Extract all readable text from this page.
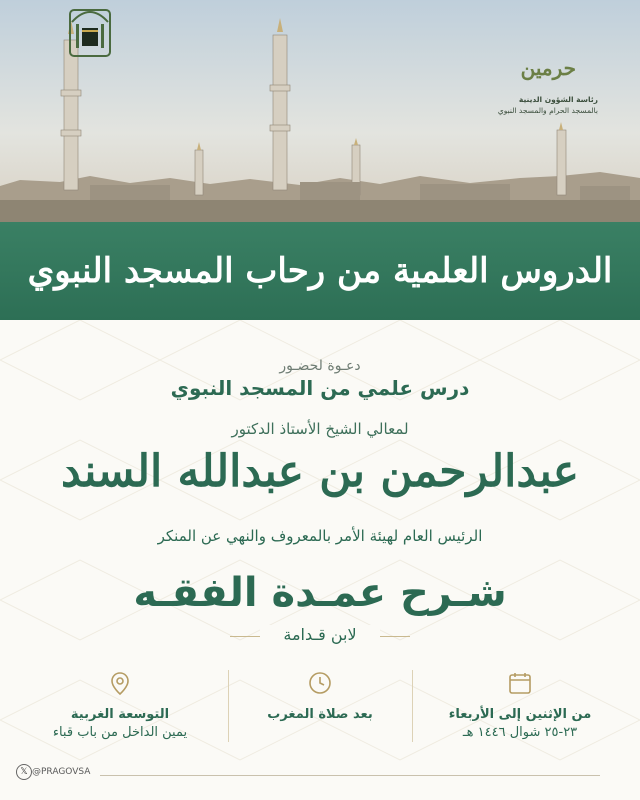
حرمين
رئاسة الشؤون الدينية
بالمسجد الحرام والمسجد النبوي
الدروس العلمية من رحاب المسجد النبوي
دعـوة لحضـور
درس علمي من المسجد النبوي
لمعالي الشيخ الأستاذ الدكتور
عبدالرحمن بن عبدالله السند
الرئيس العام لهيئة الأمر بالمعروف والنهي عن المنكر
شـرح عمـدة الفقـه
لابن قـدامة
التوسعة الغربية
يمين الداخل من باب قباء
بعد صلاة المغرب	من الإثنين إلى الأربعاء
٢٣-٢٥ شوال ١٤٤٦ هـ
𝕏 @PRAGOVSA
